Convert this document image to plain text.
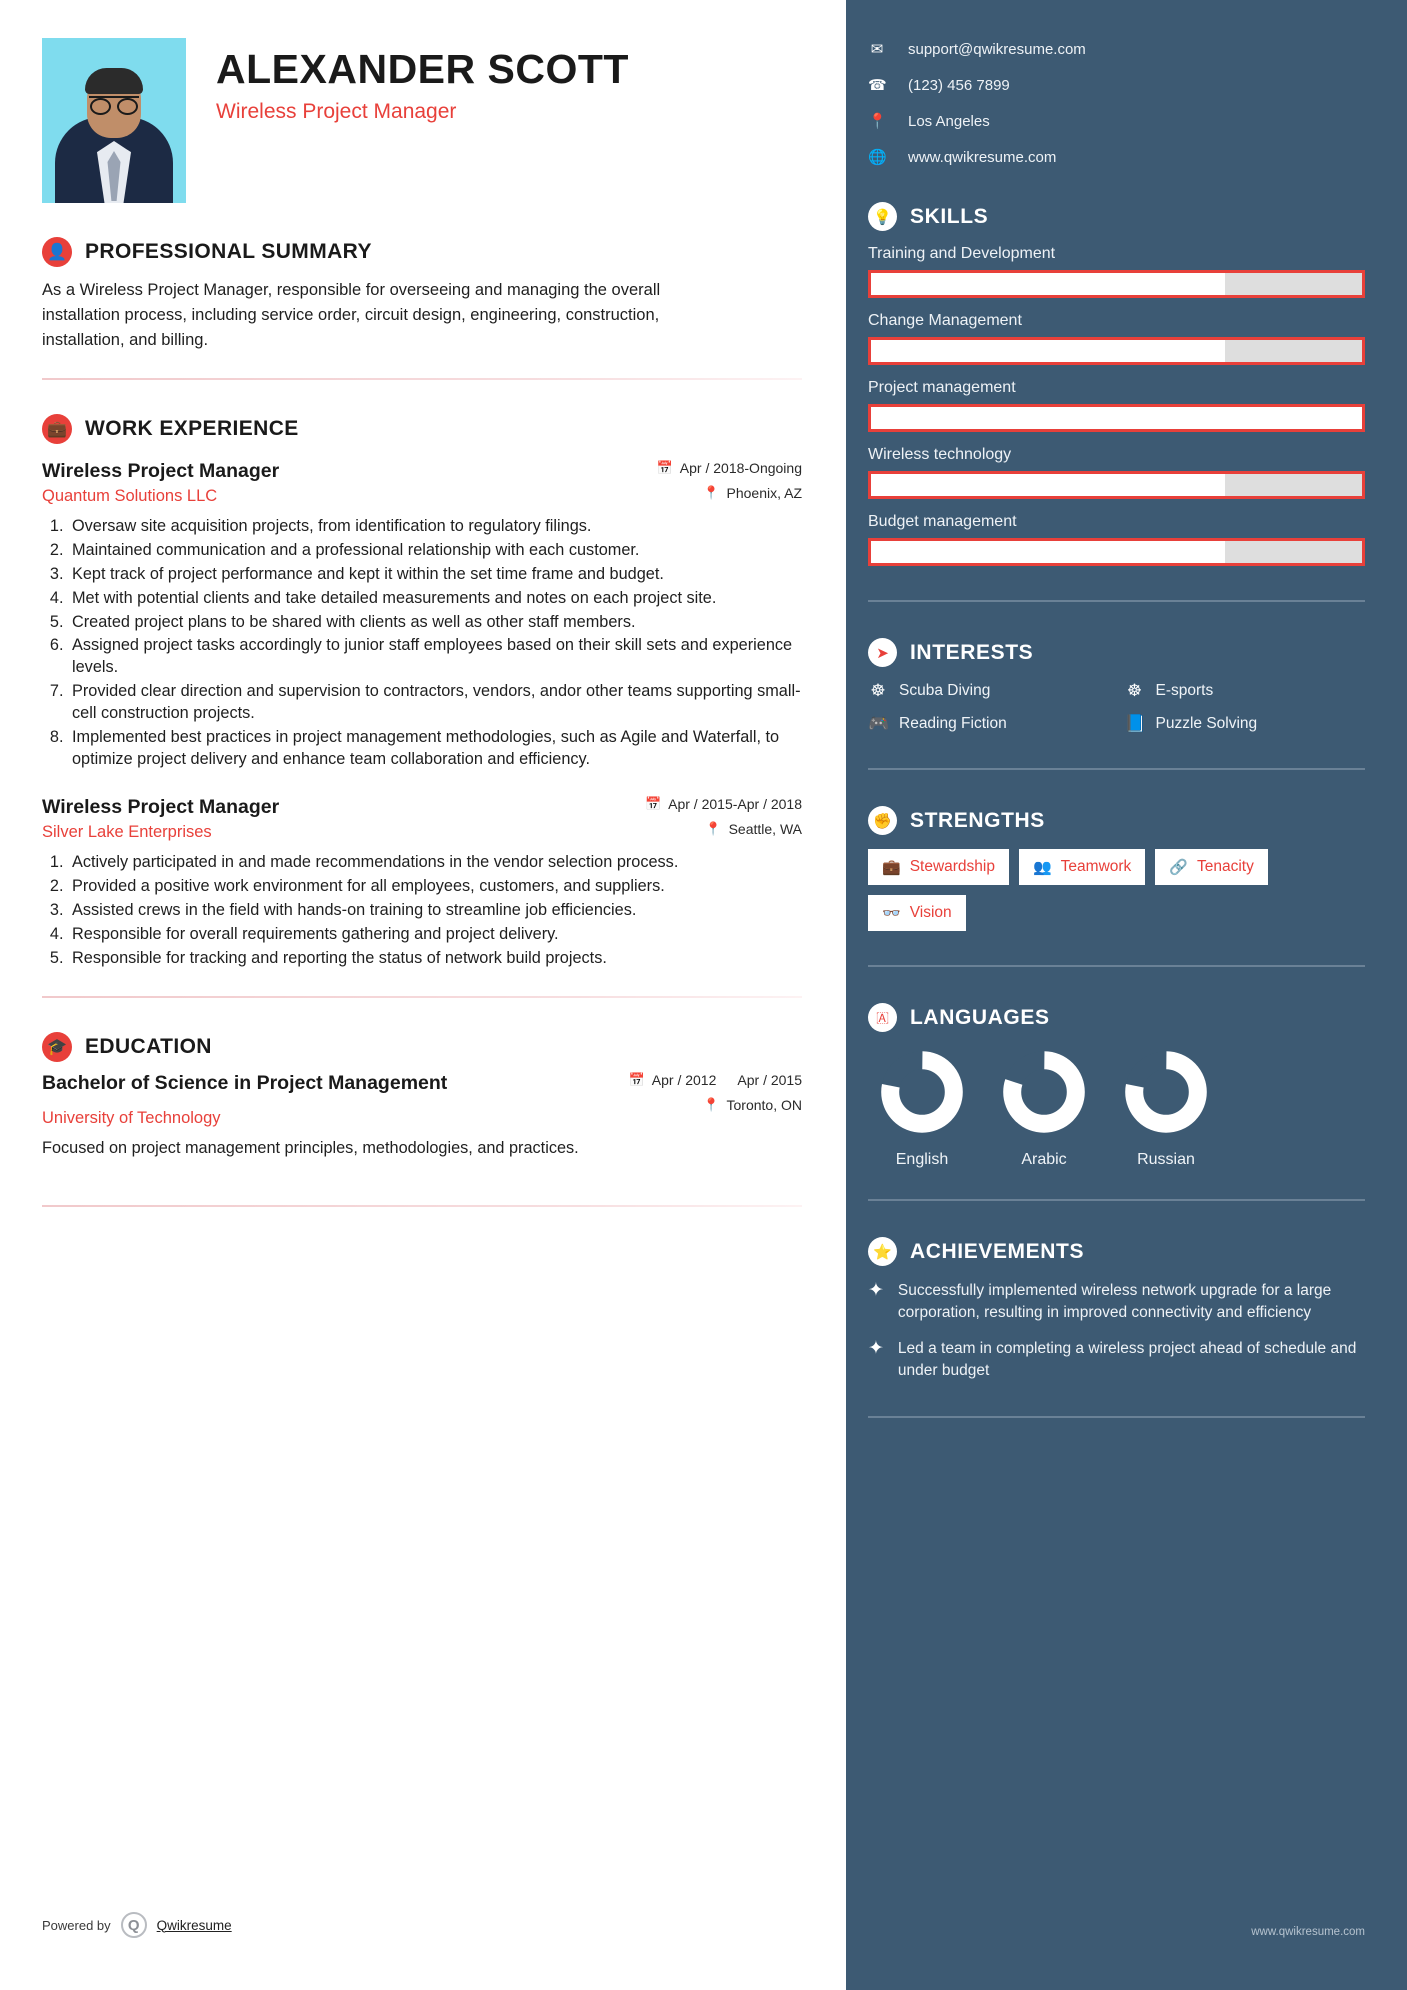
ALEXANDER SCOTT
Wireless Project Manager
👤 PROFESSIONAL SUMMARY
As a Wireless Project Manager, responsible for overseeing and managing the overall installation process, including service order, circuit design, engineering, construction, installation, and billing.
💼 WORK EXPERIENCE
Wireless Project Manager
Quantum Solutions LLC
📅 Apr / 2018-Ongoing
📍 Phoenix, AZ
1. Oversaw site acquisition projects, from identification to regulatory filings.
2. Maintained communication and a professional relationship with each customer.
3. Kept track of project performance and kept it within the set time frame and budget.
4. Met with potential clients and take detailed measurements and notes on each project site.
5. Created project plans to be shared with clients as well as other staff members.
6. Assigned project tasks accordingly to junior staff employees based on their skill sets and experience levels.
7. Provided clear direction and supervision to contractors, vendors, andor other teams supporting small-cell construction projects.
8. Implemented best practices in project management methodologies, such as Agile and Waterfall, to optimize project delivery and enhance team collaboration and efficiency.
Wireless Project Manager
Silver Lake Enterprises
📅 Apr / 2015-Apr / 2018
📍 Seattle, WA
1. Actively participated in and made recommendations in the vendor selection process.
2. Provided a positive work environment for all employees, customers, and suppliers.
3. Assisted crews in the field with hands-on training to streamline job efficiencies.
4. Responsible for overall requirements gathering and project delivery.
5. Responsible for tracking and reporting the status of network build projects.
🎓 EDUCATION
Bachelor of Science in Project Management
University of Technology
📅 Apr / 2012 Apr / 2015
📍 Toronto, ON
Focused on project management principles, methodologies, and practices.
Powered by	Q	Qwikresume
✉ support@qwikresume.com
☎ (123) 456 7899
📍 Los Angeles
🌐 www.qwikresume.com
💡 SKILLS
Training and Development
Change Management
Project management
Wireless technology
Budget management
➤	INTERESTS
☸ Scuba Diving	☸ E-sports
🎮 Reading Fiction	📘 Puzzle Solving
✊ STRENGTHS
💼 Stewardship	👥 Teamwork	🔗 Tenacity
👓 Vision
🇦 LANGUAGES
English	Arabic	Russian
⭐ ACHIEVEMENTS
✦ Successfully implemented wireless network upgrade for a large corporation, resulting in improved connectivity and efficiency
✦ Led a team in completing a wireless project ahead of schedule and under budget
www.qwikresume.com
